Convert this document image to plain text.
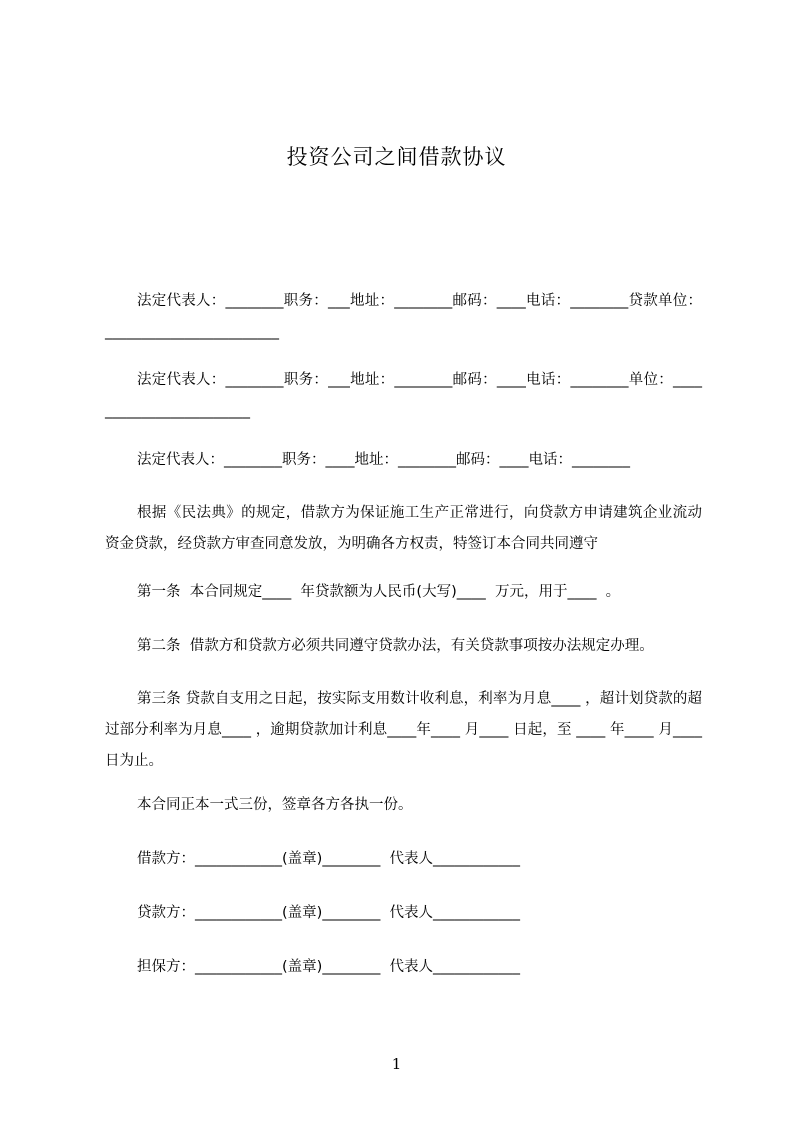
投资公司之间借款协议
法定代表人：________职务：___地址：________邮码：____电话：________贷款单位：________________________
法定代表人：________职务：___地址：________邮码：____电话：________单位：________________________
法定代表人：________职务：____地址：________邮码：____电话：________
根据《民法典》的规定，借款方为保证施工生产正常进行，向贷款方申请建筑企业流动资金贷款，经贷款方审查同意发放，为明确各方权责，特签订本合同共同遵守
第一条  本合同规定____  年贷款额为人民币(大写)____  万元，用于____  。
第二条  借款方和贷款方必须共同遵守贷款办法，有关贷款事项按办法规定办理。
第三条 贷款自支用之日起，按实际支用数计收利息，利率为月息____ ，超计划贷款的超过部分利率为月息____ ，逾期贷款加计利息____年____ 月____ 日起，至 ____ 年____ 月____ 日为止。
本合同正本一式三份，签章各方各执一份。
借款方：____________(盖章)________  代表人____________
贷款方：____________(盖章)________  代表人____________
担保方：____________(盖章)________  代表人____________
1
